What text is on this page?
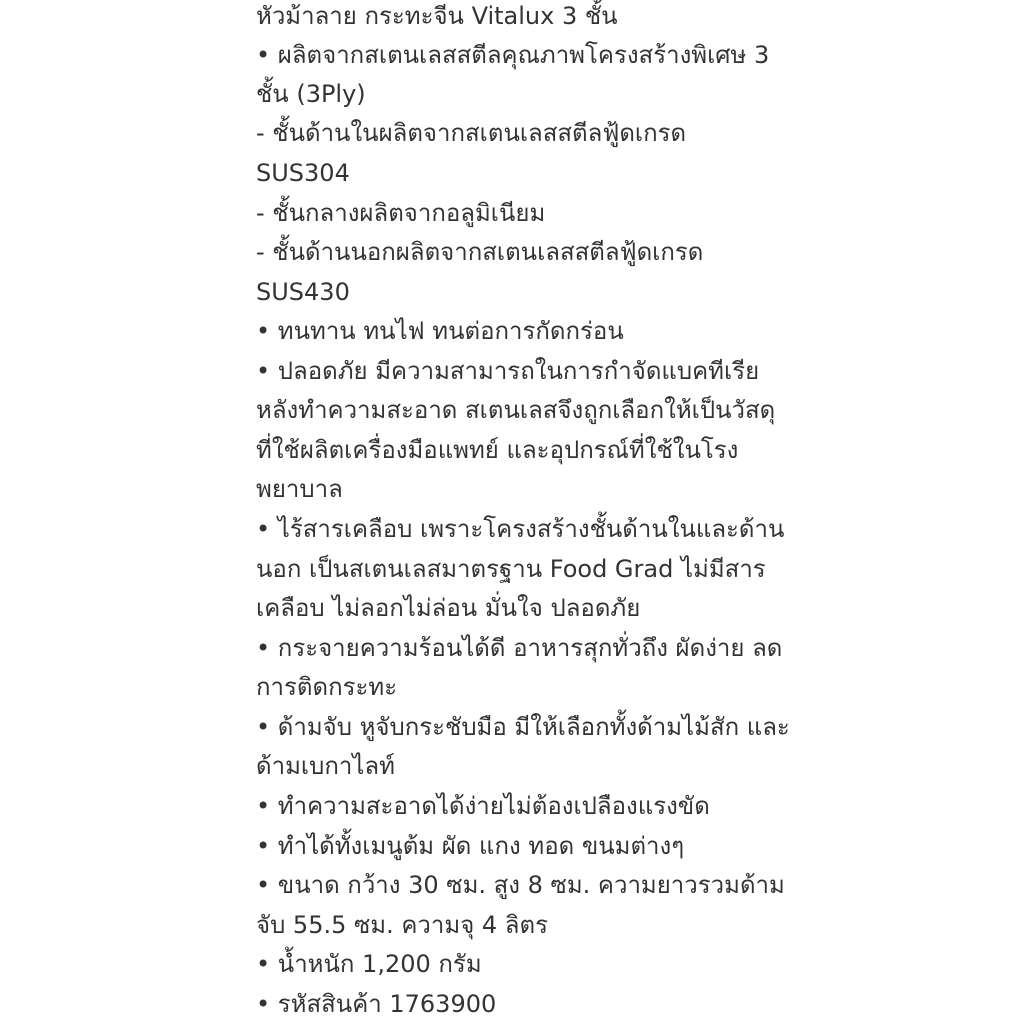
หัวม้าลาย กระทะจีน Vitalux 3 ชั้น
• ผลิตจากสเตนเลสสตีลคุณภาพโครงสร้างพิเศษ 3
ชั้น (3Ply)
- ชั้นด้านในผลิตจากสเตนเลสสตีลฟู้ดเกรด
SUS304
- ชั้นกลางผลิตจากอลูมิเนียม
- ชั้นด้านนอกผลิตจากสเตนเลสสตีลฟู้ดเกรด
SUS430
• ทนทาน ทนไฟ ทนต่อการกัดกร่อน
• ปลอดภัย มีความสามารถในการกำจัดแบคทีเรีย
หลังทำความสะอาด สเตนเลสจึงถูกเลือกให้เป็นวัสดุ
ที่ใช้ผลิตเครื่องมือแพทย์ และอุปกรณ์ที่ใช้ในโรง
พยาบาล
• ไร้สารเคลือบ เพราะโครงสร้างชั้นด้านในและด้าน
นอก เป็นสเตนเลสมาตรฐาน Food Grad ไม่มีสาร
เคลือบ ไม่ลอกไม่ล่อน มั่นใจ ปลอดภัย
• กระจายความร้อนได้ดี อาหารสุกทั่วถึง ผัดง่าย ลด
การติดกระทะ
• ด้ามจับ หูจับกระชับมือ มีให้เลือกทั้งด้ามไม้สัก และ
ด้ามเบกาไลท์
• ทำความสะอาดได้ง่ายไม่ต้องเปลืองแรงขัด
• ทำได้ทั้งเมนูต้ม ผัด แกง ทอด ขนมต่างๆ
• ขนาด กว้าง 30 ซม. สูง 8 ซม. ความยาวรวมด้าม
จับ 55.5 ซม. ความจุ 4 ลิตร
• น้ำหนัก 1,200 กรัม
• รหัสสินค้า 1763900
